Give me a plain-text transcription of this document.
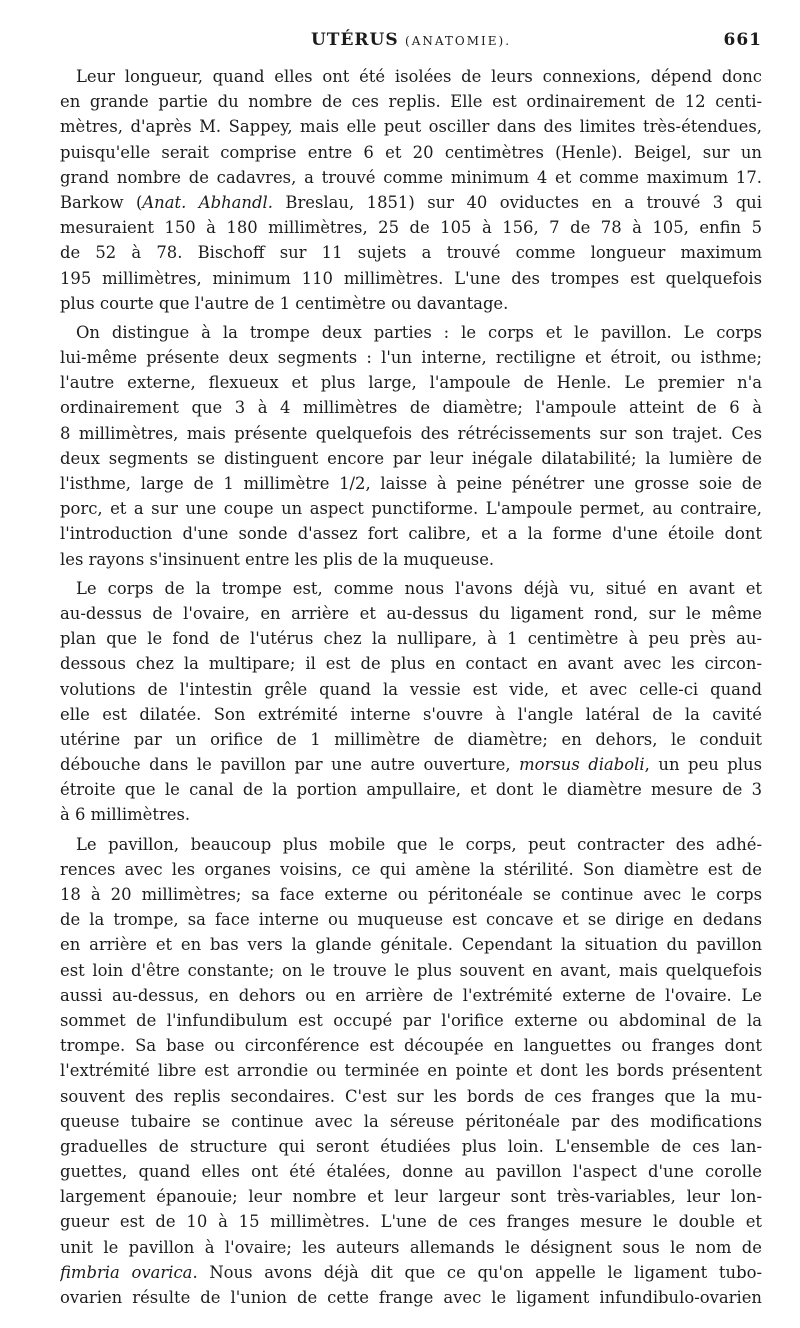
UTÉRUS (ANATOMIE).	661
Leur longueur, quand elles ont été isolées de leurs connexions, dépend donc
en grande partie du nombre de ces replis. Elle est ordinairement de 12 centi-
mètres, d'après M. Sappey, mais elle peut osciller dans des limites très-étendues,
puisqu'elle serait comprise entre 6 et 20 centimètres (Henle). Beigel, sur un
grand nombre de cadavres, a trouvé comme minimum 4 et comme maximum 17.
Barkow (Anat. Abhandl. Breslau, 1851) sur 40 oviductes en a trouvé 3 qui
mesuraient 150 à 180 millimètres, 25 de 105 à 156, 7 de 78 à 105, enfin 5
de 52 à 78. Bischoff sur 11 sujets a trouvé comme longueur maximum
195 millimètres, minimum 110 millimètres. L'une des trompes est quelquefois
plus courte que l'autre de 1 centimètre ou davantage.
On distingue à la trompe deux parties : le corps et le pavillon. Le corps
lui-même présente deux segments : l'un interne, rectiligne et étroit, ou isthme;
l'autre externe, flexueux et plus large, l'ampoule de Henle. Le premier n'a
ordinairement que 3 à 4 millimètres de diamètre; l'ampoule atteint de 6 à
8 millimètres, mais présente quelquefois des rétrécissements sur son trajet. Ces
deux segments se distinguent encore par leur inégale dilatabilité; la lumière de
l'isthme, large de 1 millimètre 1/2, laisse à peine pénétrer une grosse soie de
porc, et a sur une coupe un aspect punctiforme. L'ampoule permet, au contraire,
l'introduction d'une sonde d'assez fort calibre, et a la forme d'une étoile dont
les rayons s'insinuent entre les plis de la muqueuse.
Le corps de la trompe est, comme nous l'avons déjà vu, situé en avant et
au-dessus de l'ovaire, en arrière et au-dessus du ligament rond, sur le même
plan que le fond de l'utérus chez la nullipare, à 1 centimètre à peu près au-
dessous chez la multipare; il est de plus en contact en avant avec les circon-
volutions de l'intestin grêle quand la vessie est vide, et avec celle-ci quand
elle est dilatée. Son extrémité interne s'ouvre à l'angle latéral de la cavité
utérine par un orifice de 1 millimètre de diamètre; en dehors, le conduit
débouche dans le pavillon par une autre ouverture, morsus diaboli, un peu plus
étroite que le canal de la portion ampullaire, et dont le diamètre mesure de 3
à 6 millimètres.
Le pavillon, beaucoup plus mobile que le corps, peut contracter des adhé-
rences avec les organes voisins, ce qui amène la stérilité. Son diamètre est de
18 à 20 millimètres; sa face externe ou péritonéale se continue avec le corps
de la trompe, sa face interne ou muqueuse est concave et se dirige en dedans
en arrière et en bas vers la glande génitale. Cependant la situation du pavillon
est loin d'être constante; on le trouve le plus souvent en avant, mais quelquefois
aussi au-dessus, en dehors ou en arrière de l'extrémité externe de l'ovaire. Le
sommet de l'infundibulum est occupé par l'orifice externe ou abdominal de la
trompe. Sa base ou circonférence est découpée en languettes ou franges dont
l'extrémité libre est arrondie ou terminée en pointe et dont les bords présentent
souvent des replis secondaires. C'est sur les bords de ces franges que la mu-
queuse tubaire se continue avec la séreuse péritonéale par des modifications
graduelles de structure qui seront étudiées plus loin. L'ensemble de ces lan-
guettes, quand elles ont été étalées, donne au pavillon l'aspect d'une corolle
largement épanouie; leur nombre et leur largeur sont très-variables, leur lon-
gueur est de 10 à 15 millimètres. L'une de ces franges mesure le double et
unit le pavillon à l'ovaire; les auteurs allemands le désignent sous le nom de
fimbria ovarica. Nous avons déjà dit que ce qu'on appelle le ligament tubo-
ovarien résulte de l'union de cette frange avec le ligament infundibulo-ovarien
